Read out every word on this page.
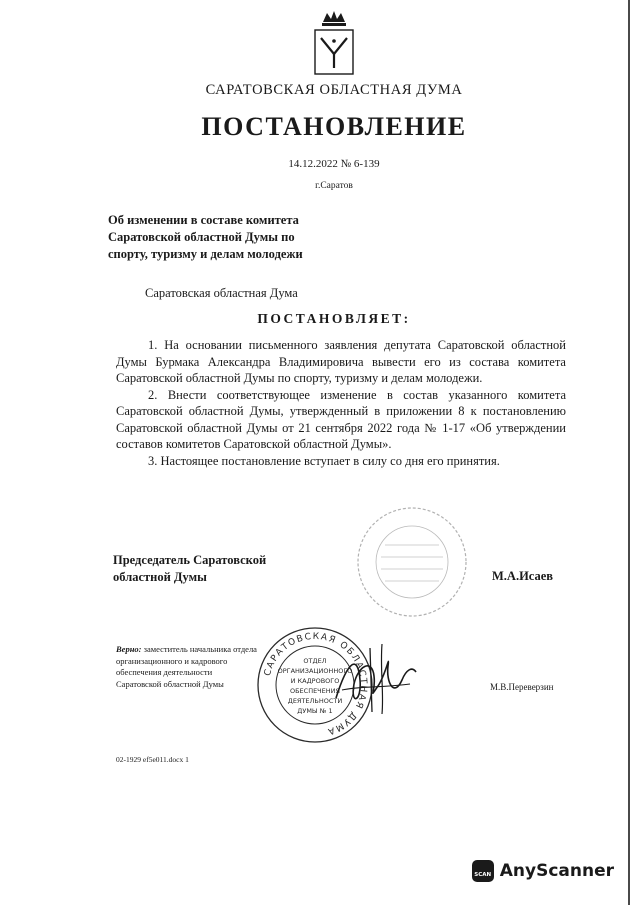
САРАТОВСКАЯ ОБЛАСТНАЯ ДУМА
ПОСТАНОВЛЕНИЕ
14.12.2022 № 6-139
г.Саратов
Об изменении в составе комитета
Саратовской областной Думы по
спорту, туризму и делам молодежи
Саратовская областная Дума
ПОСТАНОВЛЯЕТ:

1. На основании письменного заявления депутата Саратовской областной Думы Бурмака Александра Владимировича вывести его из состава комитета Саратовской областной Думы по спорту, туризму и делам молодежи.

2. Внести соответствующее изменение в состав указанного комитета Саратовской областной Думы, утвержденный в приложении 8 к постановлению Саратовской областной Думы от 21 сентября 2022 года № 1-17 «Об утверждении составов комитетов Саратовской областной Думы».

3. Настоящее постановление вступает в силу со дня его принятия.

Председатель Саратовской
областной Думы	М.А.Исаев
Верно: заместитель начальника отдела
организационного и кадрового
обеспечения деятельности
Саратовской областной Думы
САРАТОВСКАЯ ОБЛАСТНАЯ ДУМА
ОТДЕЛ
ОРГАНИЗАЦИОННОГО
И КАДРОВОГО
ОБЕСПЕЧЕНИЯ
ДЕЯТЕЛЬНОСТИ
ДУМЫ № 1
М.В.Переверзин
02-1929 ef5e011.docx 1
SCAN AnyScanner
